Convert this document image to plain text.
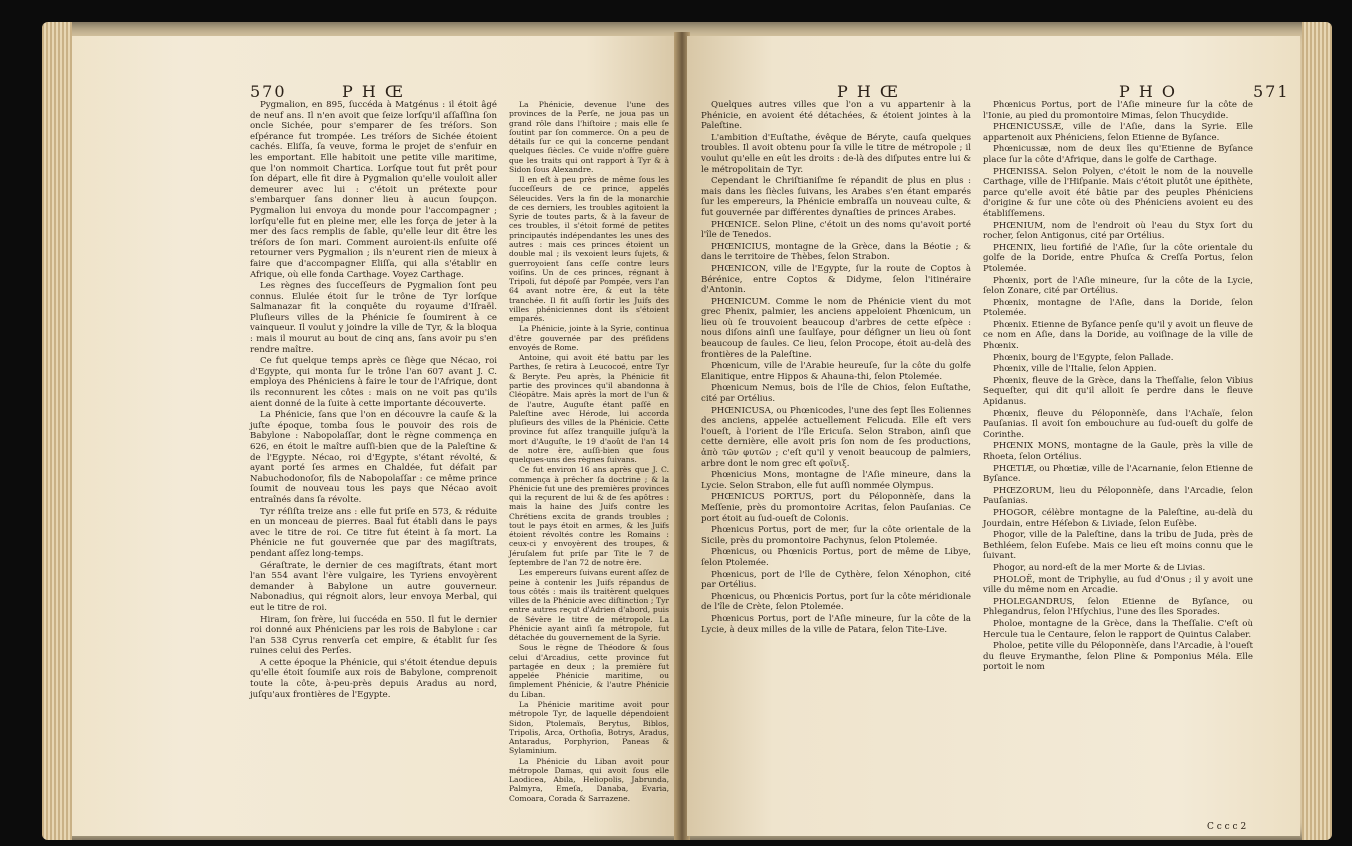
570	P H Œ

Pygmalion, en 895, ſuccéda à Matgénus : il étoit âgé de neuf ans. Il n'en avoit que ſeize lorſqu'il aſſaſſina ſon oncle Sichée, pour s'emparer de ſes tréſors. Son eſpérance fut trompée. Les tréſors de Sichée étoient cachés. Eliſſa, ſa veuve, forma le projet de s'enfuir en les emportant. Elle habitoit une petite ville maritime, que l'on nommoit Chartica. Lorſque tout fut prêt pour ſon départ, elle fit dire à Pygmalion qu'elle vouloit aller demeurer avec lui : c'étoit un prétexte pour s'embarquer ſans donner lieu à aucun ſoupçon. Pygmalion lui envoya du monde pour l'accompagner ; lorſqu'elle fut en pleine mer, elle les força de jeter à la mer des ſacs remplis de ſable, qu'elle leur dit être les tréſors de ſon mari. Comment auroient-ils enſuite oſé retourner vers Pygmalion ; ils n'eurent rien de mieux à faire que d'accompagner Eliſſa, qui alla s'établir en Afrique, où elle fonda Carthage. Voyez Carthage.

Les règnes des ſucceſſeurs de Pygmalion ſont peu connus. Elulée étoit ſur le trône de Tyr lorſque Salmanazar fit la conquête du royaume d'Iſraël. Pluſieurs villes de la Phénicie ſe ſoumirent à ce vainqueur. Il voulut y joindre la ville de Tyr, & la bloqua : mais il mourut au bout de cinq ans, ſans avoir pu s'en rendre maître.

Ce fut quelque temps après ce ſiège que Nécao, roi d'Egypte, qui monta ſur le trône l'an 607 avant J. C. employa des Phéniciens à faire le tour de l'Afrique, dont ils reconnurent les côtes : mais on ne voit pas qu'ils aient donné de la ſuite à cette importante découverte.

La Phénicie, ſans que l'on en découvre la cauſe & la juſte époque, tomba ſous le pouvoir des rois de Babylone : Nabopolaſſar, dont le règne commença en 626, en étoit le maître auſſi-bien que de la Paleſtine & de l'Egypte. Nécao, roi d'Egypte, s'étant révolté, & ayant porté ſes armes en Chaldée, fut défait par Nabuchodonoſor, fils de Nabopolaſſar : ce même prince ſoumit de nouveau tous les pays que Nécao avoit entraînés dans ſa révolte.

Tyr réſiſta treize ans : elle fut priſe en 573, & réduite en un monceau de pierres. Baal fut établi dans le pays avec le titre de roi. Ce titre fut éteint à ſa mort. La Phénicie ne fut gouvernée que par des magiſtrats, pendant aſſez long-temps.

Géraſtrate, le dernier de ces magiſtrats, étant mort l'an 554 avant l'ère vulgaire, les Tyriens envoyèrent demander à Babylone un autre gouverneur. Nabonadius, qui régnoit alors, leur envoya Merbal, qui eut le titre de roi.

Hiram, ſon frère, lui ſuccéda en 550. Il fut le dernier roi donné aux Phéniciens par les rois de Babylone : car l'an 538 Cyrus renverſa cet empire, & établit ſur ſes ruines celui des Perſes.

A cette époque la Phénicie, qui s'étoit étendue depuis qu'elle étoit ſoumiſe aux rois de Babylone, comprenoit toute la côte, à-peu-près depuis Aradus au nord, juſqu'aux frontières de l'Egypte.

La Phénicie, devenue l'une des provinces de la Perſe, ne joua pas un grand rôle dans l'hiſtoire ; mais elle ſe ſoutint par ſon commerce. On a peu de détails ſur ce qui la concerne pendant quelques ſiècles. Ce vuide n'offre guère que les traits qui ont rapport à Tyr & à Sidon ſous Alexandre.

Il en eſt à peu près de même ſous les ſucceſſeurs de ce prince, appelés Séleucides. Vers la fin de la monarchie de ces derniers, les troubles agitoient la Syrie de toutes parts, & à la faveur de ces troubles, il s'étoit formé de petites principautés indépendantes les unes des autres : mais ces princes étoient un double mal ; ils vexoient leurs ſujets, & guerroyoient ſans ceſſe contre leurs voiſins. Un de ces princes, régnant à Tripoli, fut dépoſé par Pompée, vers l'an 64 avant notre ère, & eut la tête tranchée. Il fit auſſi ſortir les Juifs des villes phéniciennes dont ils s'étoient emparés.

La Phénicie, jointe à la Syrie, continua d'être gouvernée par des préſidens envoyés de Rome.

Antoine, qui avoit été battu par les Parthes, ſe retira à Leucocoé, entre Tyr & Beryte. Peu après, la Phénicie fit partie des provinces qu'il abandonna à Cléopâtre. Mais après la mort de l'un & de l'autre, Auguſte étant paſſé en Paleſtine avec Hérode, lui accorda pluſieurs des villes de la Phénicie. Cette province fut aſſez tranquille juſqu'à la mort d'Auguſte, le 19 d'août de l'an 14 de notre ère, auſſi-bien que ſous quelques-uns des règnes ſuivans.

Ce fut environ 16 ans après que J. C. commença à prêcher ſa doctrine ; & la Phénicie fut une des premières provinces qui la reçurent de lui & de ſes apôtres : mais la haine des Juifs contre les Chrétiens excita de grands troubles ; tout le pays étoit en armes, & les Juifs étoient révoltés contre les Romains : ceux-ci y envoyèrent des troupes, & Jéruſalem fut priſe par Tite le 7 de ſeptembre de l'an 72 de notre ère.

Les empereurs ſuivans eurent aſſez de peine à contenir les Juifs répandus de tous côtés : mais ils traitèrent quelques villes de la Phénicie avec diſtinction ; Tyr entre autres reçut d'Adrien d'abord, puis de Sévère le titre de métropole. La Phénicie ayant ainſi ſa métropole, fut détachée du gouvernement de la Syrie.

Sous le règne de Théodore & ſous celui d'Arcadius, cette province fut partagée en deux ; la première fut appelée Phénicie maritime, ou ſimplement Phénicie, & l'autre Phénicie du Liban.

La Phénicie maritime avoit pour métropole Tyr, de laquelle dépendoient Sidon, Ptolemaïs, Berytus, Biblos, Tripolis, Arca, Orthoſia, Botrys, Aradus, Antaradus, Porphyrion, Paneas & Sylaminium.

La Phénicie du Liban avoit pour métropole Damas, qui avoit ſous elle Laodicea, Abila, Heliopolis, Jabrunda, Palmyra, Emeſa, Danaba, Evaria, Comoara, Corada & Sarrazene.

P H Œ	P H O	571

Quelques autres villes que l'on a vu appartenir à la Phénicie, en avoient été détachées, & étoient jointes à la Paleſtine.

L'ambition d'Euſtathe, évêque de Béryte, cauſa quelques troubles. Il avoit obtenu pour ſa ville le titre de métropole ; il voulut qu'elle en eût les droits : de-là des diſputes entre lui & le métropolitain de Tyr.

Cependant le Chriſtianiſme ſe répandit de plus en plus : mais dans les ſiècles ſuivans, les Arabes s'en étant emparés ſur les empereurs, la Phénicie embraſſa un nouveau culte, & fut gouvernée par différentes dynaſties de princes Arabes.

PHŒNICE. Selon Pline, c'étoit un des noms qu'avoit porté l'île de Tenedos.

PHŒNICIUS, montagne de la Grèce, dans la Béotie ; & dans le territoire de Thèbes, ſelon Strabon.

PHŒNICON, ville de l'Egypte, ſur la route de Coptos à Bérénice, entre Coptos & Didyme, ſelon l'itinéraire d'Antonin.

PHŒNICUM. Comme le nom de Phénicie vient du mot grec Phenix, palmier, les anciens appeloient Phœnicum, un lieu où ſe trouvoient beaucoup d'arbres de cette eſpèce : nous diſons ainſi une ſaulſaye, pour déſigner un lieu où ſont beaucoup de ſaules. Ce lieu, ſelon Procope, étoit au-delà des frontières de la Paleſtine.

Phœnicum, ville de l'Arabie heureuſe, ſur la côte du golfe Elanitique, entre Hippos & Ahauna-thi, ſelon Ptolemée.

Phœnicum Nemus, bois de l'île de Chios, ſelon Euſtathe, cité par Ortélius.

PHŒNICUSA, ou Phœnicodes, l'une des ſept îles Eoliennes des anciens, appelée actuellement Felicuda. Elle eſt vers l'oueſt, à l'orient de l'île Ericuſa. Selon Strabon, ainſi que cette dernière, elle avoit pris ſon nom de ſes productions, ἀπὸ τῶν φυτῶν ; c'eſt qu'il y venoit beaucoup de palmiers, arbre dont le nom grec eſt φοῖνιξ.

Phœnicius Mons, montagne de l'Aſie mineure, dans la Lycie. Selon Strabon, elle fut auſſi nommée Olympus.

PHŒNICUS PORTUS, port du Péloponnèſe, dans la Meſſenie, près du promontoire Acritas, ſelon Pauſanias. Ce port étoit au ſud-oueſt de Colonis.

Phœnicus Portus, port de mer, ſur la côte orientale de la Sicile, près du promontoire Pachynus, ſelon Ptolemée.

Phœnicus, ou Phœnicis Portus, port de même de Libye, ſelon Ptolemée.

Phœnicus, port de l'île de Cythère, ſelon Xénophon, cité par Ortélius.

Phœnicus, ou Phœnicis Portus, port ſur la côte méridionale de l'île de Crète, ſelon Ptolemée.

Phœnicus Portus, port de l'Aſie mineure, ſur la côte de la Lycie, à deux milles de la ville de Patara, ſelon Tite-Live.

Phœnicus Portus, port de l'Aſie mineure ſur la côte de l'Ionie, au pied du promontoire Mimas, ſelon Thucydide.

PHŒNICUSSÆ, ville de l'Aſie, dans la Syrie. Elle appartenoit aux Phéniciens, ſelon Etienne de Byſance.

Phœnicussæ, nom de deux îles qu'Etienne de Byſance place ſur la côte d'Afrique, dans le golfe de Carthage.

PHŒNISSA. Selon Polyen, c'étoit le nom de la nouvelle Carthage, ville de l'Hiſpanie. Mais c'étoit plutôt une épithète, parce qu'elle avoit été bâtie par des peuples Phéniciens d'origine & ſur une côte où des Phéniciens avoient eu des établiſſemens.

PHŒNIUM, nom de l'endroit où l'eau du Styx ſort du rocher, ſelon Antigonus, cité par Ortélius.

PHŒNIX, lieu fortifié de l'Aſie, ſur la côte orientale du golfe de la Doride, entre Phuſca & Creſſa Portus, ſelon Ptolemée.

Phœnix, port de l'Aſie mineure, ſur la côte de la Lycie, ſelon Zonare, cité par Ortélius.

Phœnix, montagne de l'Aſie, dans la Doride, ſelon Ptolemée.

Phœnix. Etienne de Byſance penſe qu'il y avoit un fleuve de ce nom en Aſie, dans la Doride, au voiſinage de la ville de Phœnix.

Phœnix, bourg de l'Egypte, ſelon Pallade.

Phœnix, ville de l'Italie, ſelon Appien.

Phœnix, fleuve de la Grèce, dans la Theſſalie, ſelon Vibius Sequeſter, qui dit qu'il alloit ſe perdre dans le fleuve Apidanus.

Phœnix, fleuve du Péloponnèſe, dans l'Achaïe, ſelon Pauſanias. Il avoit ſon embouchure au ſud-oueſt du golfe de Corinthe.

PHŒNIX MONS, montagne de la Gaule, près la ville de Rhoeta, ſelon Ortélius.

PHŒTIÆ, ou Phœtiæ, ville de l'Acarnanie, ſelon Etienne de Byſance.

PHŒZORUM, lieu du Péloponnèſe, dans l'Arcadie, ſelon Pauſanias.

PHOGOR, célèbre montagne de la Paleſtine, au-delà du Jourdain, entre Héſebon & Liviade, ſelon Euſèbe.

Phogor, ville de la Paleſtine, dans la tribu de Juda, près de Bethléem, ſelon Euſebe. Mais ce lieu eſt moins connu que le ſuivant.

Phogor, au nord-eſt de la mer Morte & de Livias.

PHOLOË, mont de Triphylie, au ſud d'Onus ; il y avoit une ville du même nom en Arcadie.

PHOLEGANDRUS, ſelon Etienne de Byſance, ou Phlegandrus, ſelon l'Hſychius, l'une des îles Sporades.

Pholoe, montagne de la Grèce, dans la Theſſalie. C'eſt où Hercule tua le Centaure, ſelon le rapport de Quintus Calaber.

Pholoe, petite ville du Péloponnèſe, dans l'Arcadie, à l'oueſt du fleuve Erymanthe, ſelon Pline & Pomponius Méla. Elle portoit le nom

C c c c 2
